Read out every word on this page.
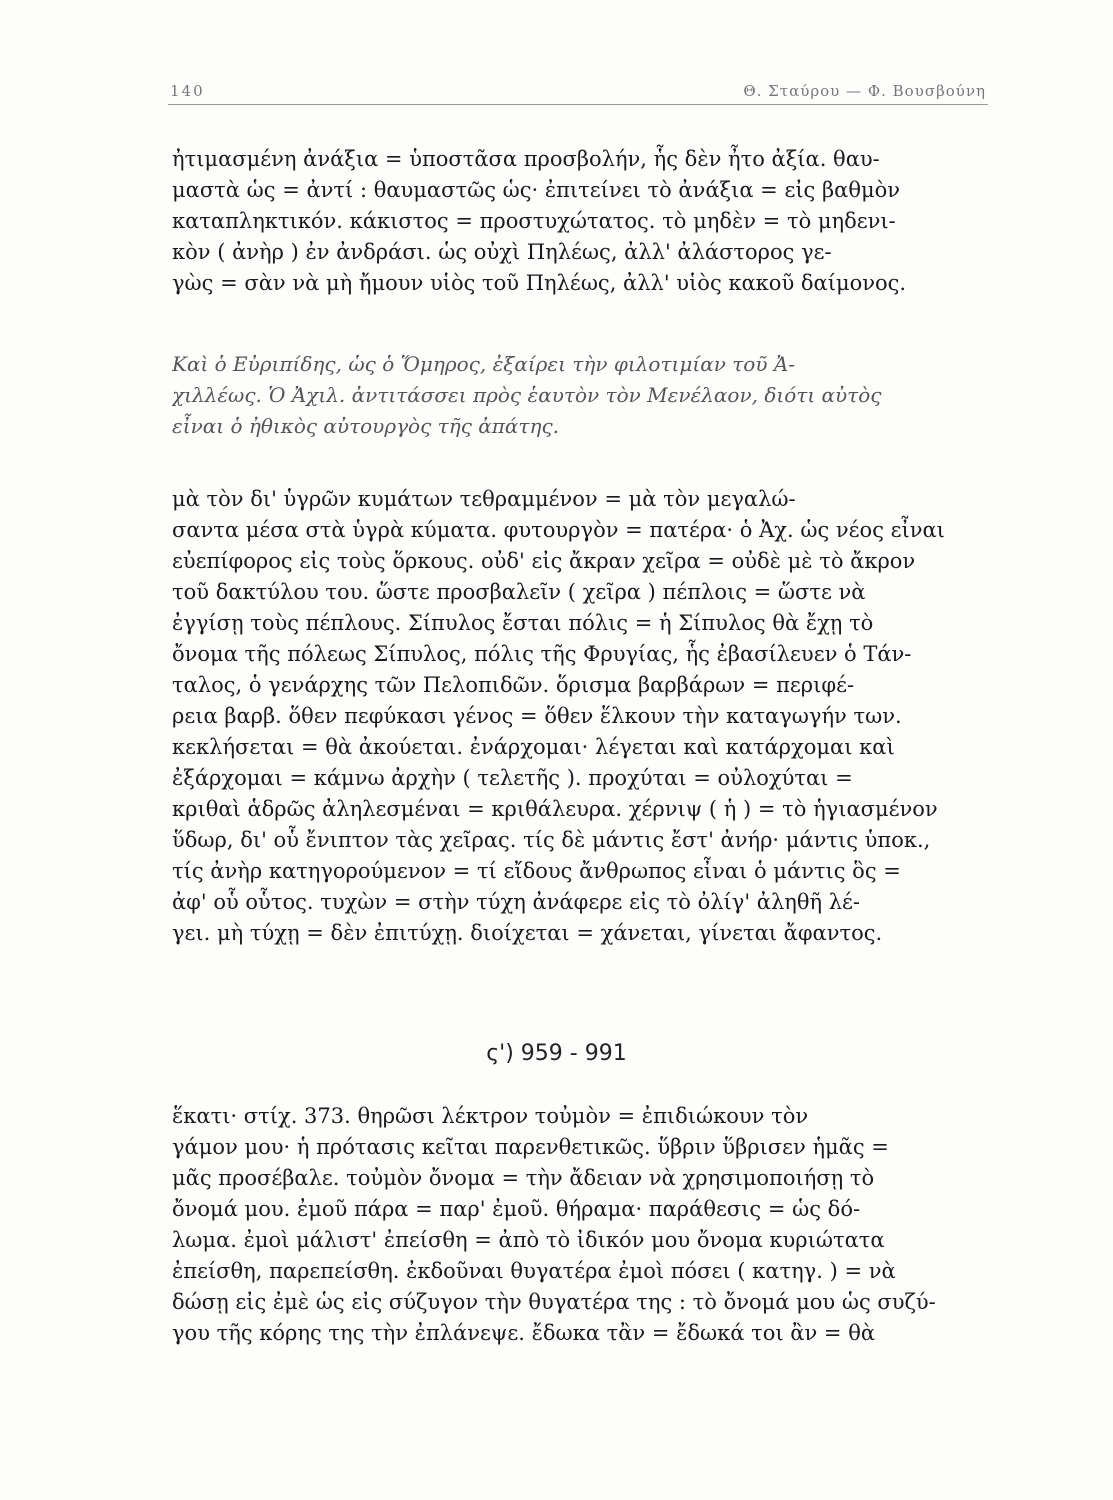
140	Θ. Σταύρου — Φ. Βουσβούνη
ἠτιμασμένη ἀνάξια = ὑποστᾶσα προσβολήν, ἧς δὲν ἦτο ἀξία. θαυ-
μαστὰ ὡς = ἀντί : θαυμαστῶς ὡς· ἐπιτείνει τὸ ἀνάξια = εἰς βαθμὸν
καταπληκτικόν. κάκιστος = προστυχώτατος. τὸ μηδὲν = τὸ μηδενι-
κὸν ( ἀνὴρ ) ἐν ἀνδράσι. ὡς οὐχὶ Πηλέως, ἀλλ' ἀλάστορος γε-
γὼς = σὰν νὰ μὴ ἤμουν υἱὸς τοῦ Πηλέως, ἀλλ' υἱὸς κακοῦ δαίμονος.
Καὶ ὁ Εὐριπίδης, ὡς ὁ Ὅμηρος, ἐξαίρει τὴν φιλοτιμίαν τοῦ Ἀ-
χιλλέως. Ὁ Ἀχιλ. ἀντιτάσσει πρὸς ἑαυτὸν τὸν Μενέλαον, διότι αὐτὸς
εἶναι ὁ ἠθικὸς αὐτουργὸς τῆς ἀπάτης.
μὰ τὸν δι' ὑγρῶν κυμάτων τεθραμμένον = μὰ τὸν μεγαλώ-
σαντα μέσα στὰ ὑγρὰ κύματα. φυτουργὸν = πατέρα· ὁ Ἀχ. ὡς νέος εἶναι
εὐεπίφορος εἰς τοὺς ὅρκους. οὐδ' εἰς ἄκραν χεῖρα = οὐδὲ μὲ τὸ ἄκρον
τοῦ δακτύλου του. ὥστε προσβαλεῖν ( χεῖρα ) πέπλοις = ὥστε νὰ
ἐγγίσῃ τοὺς πέπλους. Σίπυλος ἔσται πόλις = ἡ Σίπυλος θὰ ἔχῃ τὸ
ὄνομα τῆς πόλεως Σίπυλος, πόλις τῆς Φρυγίας, ἧς ἐβασίλευεν ὁ Τάν-
ταλος, ὁ γενάρχης τῶν Πελοπιδῶν. ὅρισμα βαρβάρων = περιφέ-
ρεια βαρβ. ὅθεν πεφύκασι γένος = ὅθεν ἕλκουν τὴν καταγωγήν των.
κεκλήσεται = θὰ ἀκούεται. ἐνάρχομαι· λέγεται καὶ κατάρχομαι καὶ
ἐξάρχομαι = κάμνω ἀρχὴν ( τελετῆς ). προχύται = οὐλοχύται =
κριθαὶ ἁδρῶς ἀληλεσμέναι = κριθάλευρα. χέρνιψ ( ἡ ) = τὸ ἡγιασμένον
ὕδωρ, δι' οὗ ἔνιπτον τὰς χεῖρας. τίς δὲ μάντις ἔστ' ἀνήρ· μάντις ὑποκ.,
τίς ἀνὴρ κατηγορούμενον = τί εἴδους ἄνθρωπος εἶναι ὁ μάντις ὃς =
ἀφ' οὗ οὗτος. τυχὼν = στὴν τύχη ἀνάφερε εἰς τὸ ὀλίγ' ἀληθῆ λέ-
γει. μὴ τύχῃ = δὲν ἐπιτύχῃ. διοίχεται = χάνεται, γίνεται ἄφαντος.
ς') 959 - 991
ἕκατι· στίχ. 373. θηρῶσι λέκτρον τοὐμὸν = ἐπιδιώκουν τὸν
γάμον μου· ἡ πρότασις κεῖται παρενθετικῶς. ὕβριν ὕβρισεν ἡμᾶς =
μᾶς προσέβαλε. τοὐμὸν ὄνομα = τὴν ἄδειαν νὰ χρησιμοποιήσῃ τὸ
ὄνομά μου. ἐμοῦ πάρα = παρ' ἐμοῦ. θήραμα· παράθεσις = ὡς δό-
λωμα. ἐμοὶ μάλιστ' ἐπείσθη = ἀπὸ τὸ ἰδικόν μου ὄνομα κυριώτατα
ἐπείσθη, παρεπείσθη. ἐκδοῦναι θυγατέρα ἐμοὶ πόσει ( κατηγ. ) = νὰ
δώσῃ εἰς ἐμὲ ὡς εἰς σύζυγον τὴν θυγατέρα της : τὸ ὄνομά μου ὡς συζύ-
γου τῆς κόρης της τὴν ἐπλάνεψε. ἔδωκα τἂν = ἔδωκά τοι ἂν = θὰ
